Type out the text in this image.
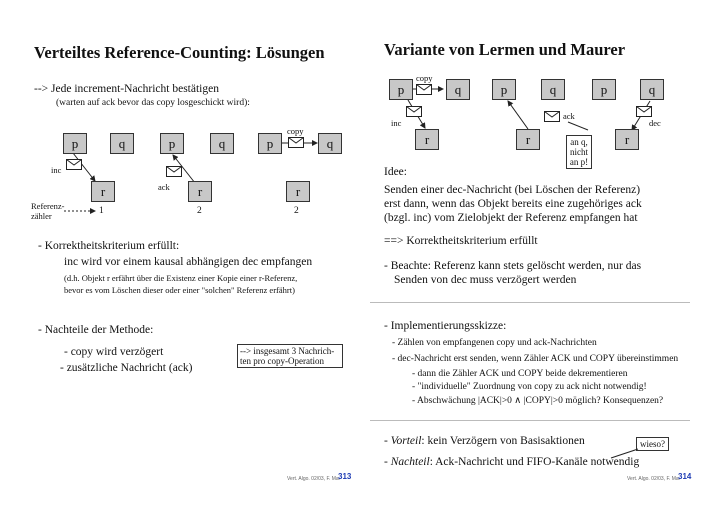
Verteiltes Reference-Counting: Lösungen
--> Jede increment-Nachricht bestätigen
(warten auf ack bevor das copy losgeschickt wird):
p	q
r
inc
Referenz-
zähler	1
p	q
r
ack
2
p	q
r
copy
2
- Korrektheitskriterium erfüllt:
inc wird vor einem kausal abhängigen dec empfangen
(d.h. Objekt r erfährt über die Existenz einer Kopie einer r-Referenz,
bevor es vom Löschen dieser oder einer "solchen" Referenz erfährt)
- Nachteile der Methode:
- copy wird verzögert
- zusätzliche Nachricht (ack)
--> insgesamt 3 Nachrich-
ten pro copy-Operation
Vert. Algo. 02/03, F. Ma.
313
Variante von Lermen und Maurer
p	q
r
copy
inc
p	q
r
ack
an q,
nicht
an p!
p	q
r
dec
Idee:
Senden einer dec-Nachricht (bei Löschen der Referenz)
erst dann, wenn das Objekt bereits eine zugehöriges ack
(bzgl. inc) vom Zielobjekt der Referenz empfangen hat
==> Korrektheitskriterium erfüllt
- Beachte: Referenz kann stets gelöscht werden, nur das
Senden von dec muss verzögert werden
- Implementierungsskizze:
- Zählen von empfangenen copy und ack-Nachrichten
- dec-Nachricht erst senden, wenn Zähler ACK und COPY übereinstimmen
- dann die Zähler ACK und COPY beide dekrementieren
- "individuelle" Zuordnung von copy zu ack nicht notwendig!
- Abschwächung |ACK|>0 ∧ |COPY|>0 möglich? Konsequenzen?
- Vorteil: kein Verzögern von Basisaktionen
- Nachteil: Ack-Nachricht und FIFO-Kanäle notwendig
wieso?
Vert. Algo. 02/03, F. Ma.
314
